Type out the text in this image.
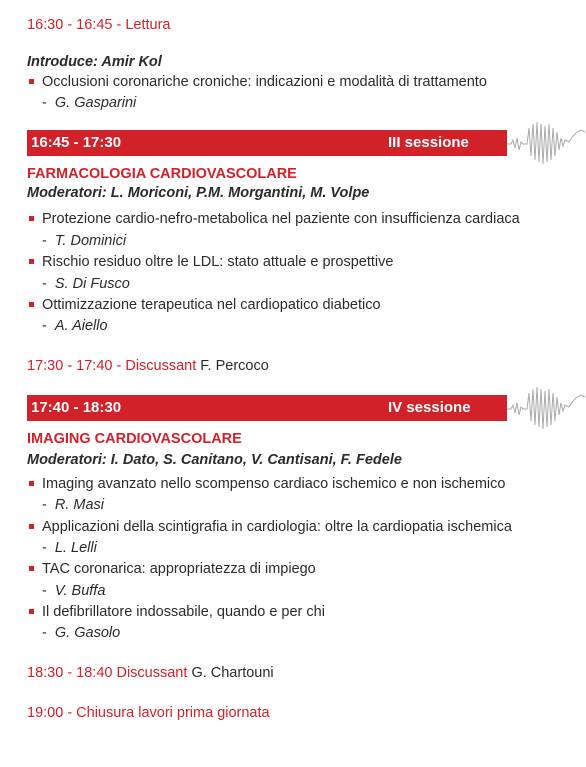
16:30 - 16:45 - Lettura
Introduce: Amir Kol
Occlusioni coronariche croniche: indicazioni e modalità di trattamento
-  G. Gasparini
16:45 - 17:30	III sessione
FARMACOLOGIA CARDIOVASCOLARE
Moderatori: L. Moriconi, P.M. Morgantini, M. Volpe
Protezione cardio-nefro-metabolica nel paziente con insufficienza cardiaca
-  T. Dominici
Rischio residuo oltre le LDL: stato attuale e prospettive
-  S. Di Fusco
Ottimizzazione terapeutica nel cardiopatico diabetico
-  A. Aiello
17:30 - 17:40 - Discussant F. Percoco
17:40 - 18:30	IV sessione
IMAGING CARDIOVASCOLARE
Moderatori: I. Dato, S. Canitano, V. Cantisani, F. Fedele
Imaging avanzato nello scompenso cardiaco ischemico e non ischemico
-  R. Masi
Applicazioni della scintigrafia in cardiologia: oltre la cardiopatia ischemica
-  L. Lelli
TAC coronarica: appropriatezza di impiego
-  V. Buffa
Il defibrillatore indossabile, quando e per chi
-  G. Gasolo
18:30 - 18:40 Discussant G. Chartouni
19:00 - Chiusura lavori prima giornata
